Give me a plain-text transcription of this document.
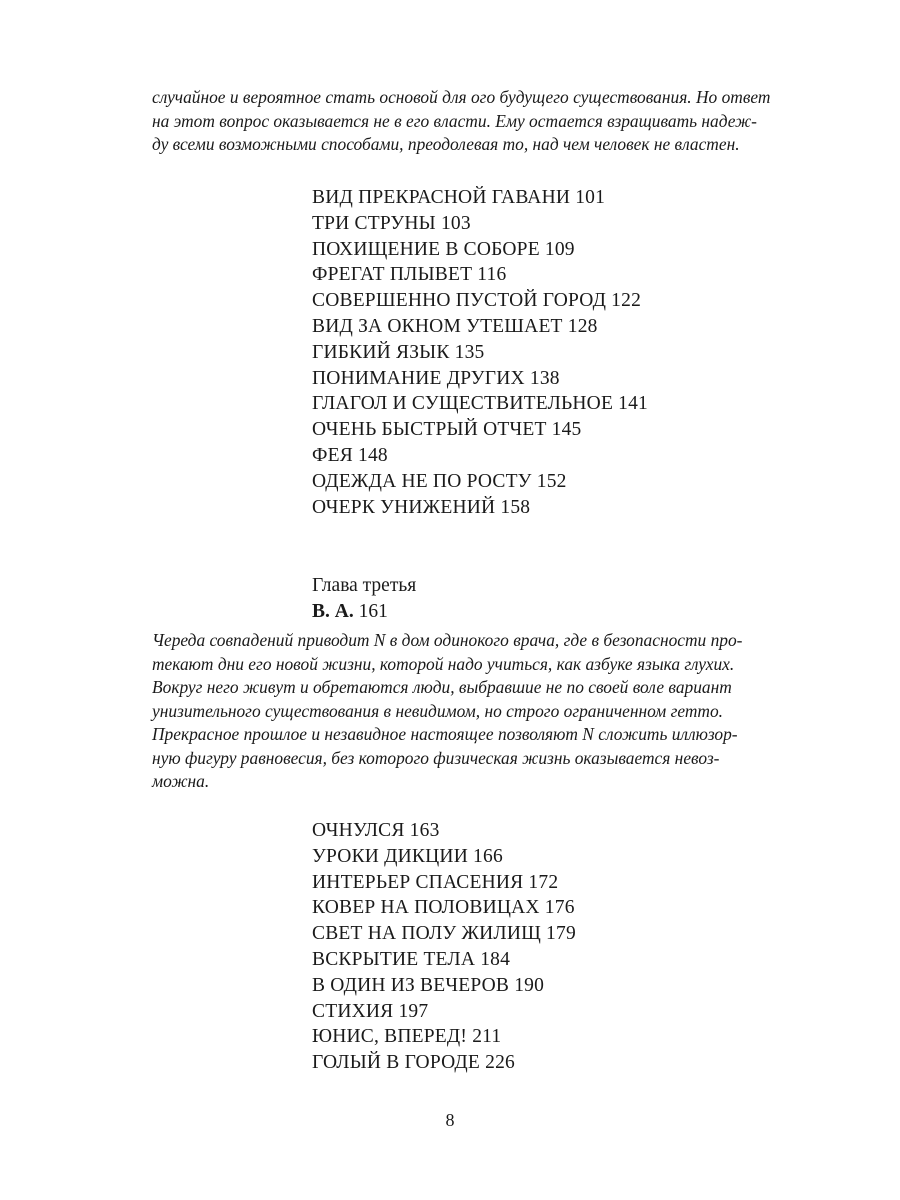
случайное и вероятное стать основой для ого будущего существования. Но ответ
на этот вопрос оказывается не в его власти. Ему остается взращивать надеж-
ду всеми возможными способами, преодолевая то, над чем человек не властен.

ВИД ПРЕКРАСНОЙ ГАВАНИ 101
ТРИ СТРУНЫ 103
ПОХИЩЕНИЕ В СОБОРЕ 109
ФРЕГАТ ПЛЫВЕТ 116
СОВЕРШЕННО ПУСТОЙ ГОРОД 122
ВИД ЗА ОКНОМ УТЕШАЕТ 128
ГИБКИЙ ЯЗЫК 135
ПОНИМАНИЕ ДРУГИХ 138
ГЛАГОЛ И СУЩЕСТВИТЕЛЬНОЕ 141
ОЧЕНЬ БЫСТРЫЙ ОТЧЕТ 145
ФЕЯ 148
ОДЕЖДА НЕ ПО РОСТУ 152
ОЧЕРК УНИЖЕНИЙ 158
Глава третья
В. А. 161

Череда совпадений приводит N в дом одинокого врача, где в безопасности про-
текают дни его новой жизни, которой надо учиться, как азбуке языка глухих.
Вокруг него живут и обретаются люди, выбравшие не по своей воле вариант
унизительного существования в невидимом, но строго ограниченном гетто.
Прекрасное прошлое и незавидное настоящее позволяют N сложить иллюзор-
ную фигуру равновесия, без которого физическая жизнь оказывается невоз-
можна.

ОЧНУЛСЯ 163
УРОКИ ДИКЦИИ 166
ИНТЕРЬЕР СПАСЕНИЯ 172
КОВЕР НА ПОЛОВИЦАХ 176
СВЕТ НА ПОЛУ ЖИЛИЩ 179
ВСКРЫТИЕ ТЕЛА 184
В ОДИН ИЗ ВЕЧЕРОВ 190
СТИХИЯ 197
ЮНИС, ВПЕРЕД! 211
ГОЛЫЙ В ГОРОДЕ 226
8
